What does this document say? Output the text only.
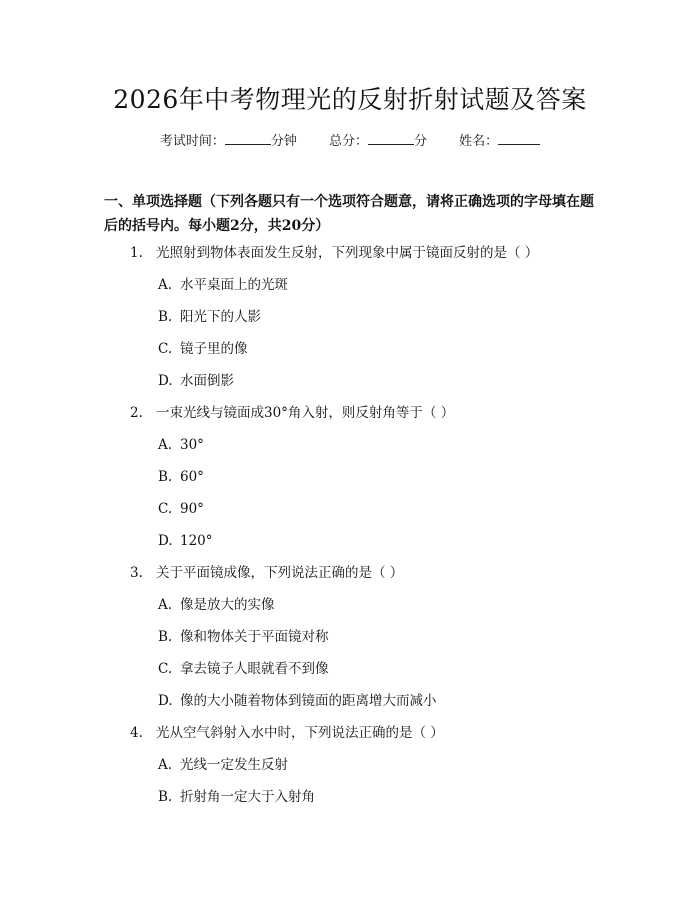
2026年中考物理光的反射折射试题及答案
考试时间：	分钟 总分：	分 姓名：
一、单项选择题（下列各题只有一个选项符合题意，请将正确选项的字母填在题后的括号内。每小题2分，共20分）
1. 光照射到物体表面发生反射，下列现象中属于镜面反射的是（ ）
A. 水平桌面上的光斑
B. 阳光下的人影
C. 镜子里的像
D. 水面倒影
2. 一束光线与镜面成30°角入射，则反射角等于（ ）
A. 30°
B. 60°
C. 90°
D. 120°
3. 关于平面镜成像，下列说法正确的是（ ）
A. 像是放大的实像
B. 像和物体关于平面镜对称
C. 拿去镜子人眼就看不到像
D. 像的大小随着物体到镜面的距离增大而减小
4. 光从空气斜射入水中时，下列说法正确的是（ ）
A. 光线一定发生反射
B. 折射角一定大于入射角
